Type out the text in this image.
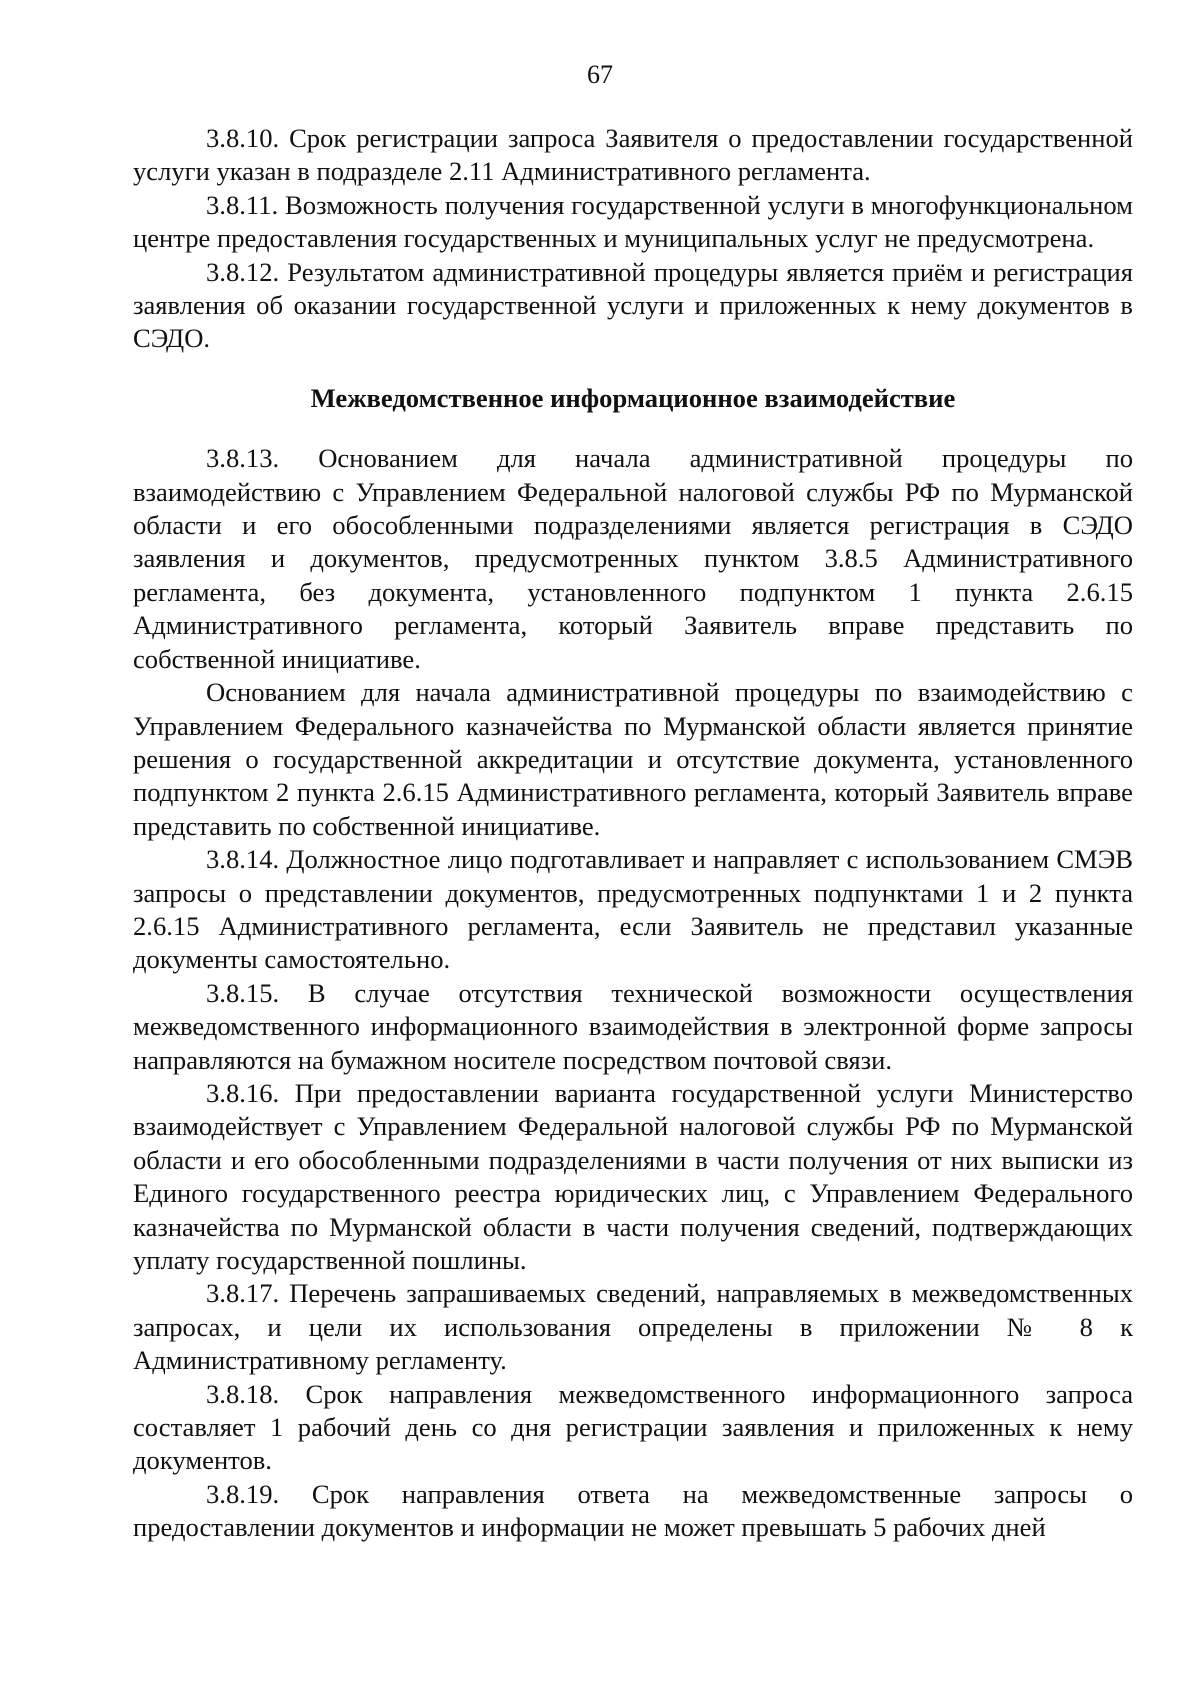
67

3.8.10. Срок регистрации запроса Заявителя о предоставлении государственной услуги указан в подразделе 2.11 Административного регламента.

3.8.11. Возможность получения государственной услуги в многофункциональном центре предоставления государственных и муниципальных услуг не предусмотрена.

3.8.12. Результатом административной процедуры является приём и регистрация заявления об оказании государственной услуги и приложенных к нему документов в СЭДО.

Межведомственное информационное взаимодействие

3.8.13. Основанием для начала административной процедуры по взаимодействию с Управлением Федеральной налоговой службы РФ по Мурманской области и его обособленными подразделениями является регистрация в СЭДО заявления и документов, предусмотренных пунктом 3.8.5 Административного регламента, без документа, установленного подпунктом 1 пункта 2.6.15 Административного регламента, который Заявитель вправе представить по собственной инициативе.

Основанием для начала административной процедуры по взаимодействию с Управлением Федерального казначейства по Мурманской области является принятие решения о государственной аккредитации и отсутствие документа, установленного подпунктом 2 пункта 2.6.15 Административного регламента, который Заявитель вправе представить по собственной инициативе.

3.8.14. Должностное лицо подготавливает и направляет с использованием СМЭВ запросы о представлении документов, предусмотренных подпунктами 1 и 2 пункта 2.6.15 Административного регламента, если Заявитель не представил указанные документы самостоятельно.

3.8.15. В случае отсутствия технической возможности осуществления межведомственного информационного взаимодействия в электронной форме запросы направляются на бумажном носителе посредством почтовой связи.

3.8.16. При предоставлении варианта государственной услуги Министерство взаимодействует с Управлением Федеральной налоговой службы РФ по Мурманской области и его обособленными подразделениями в части получения от них выписки из Единого государственного реестра юридических лиц, с Управлением Федерального казначейства по Мурманской области в части получения сведений, подтверждающих уплату государственной пошлины.

3.8.17. Перечень запрашиваемых сведений, направляемых в межведомственных запросах, и цели их использования определены в приложении № 8 к Административному регламенту.

3.8.18. Срок направления межведомственного информационного запроса составляет 1 рабочий день со дня регистрации заявления и приложенных к нему документов.

3.8.19. Срок направления ответа на межведомственные запросы о предоставлении документов и информации не может превышать 5 рабочих дней
